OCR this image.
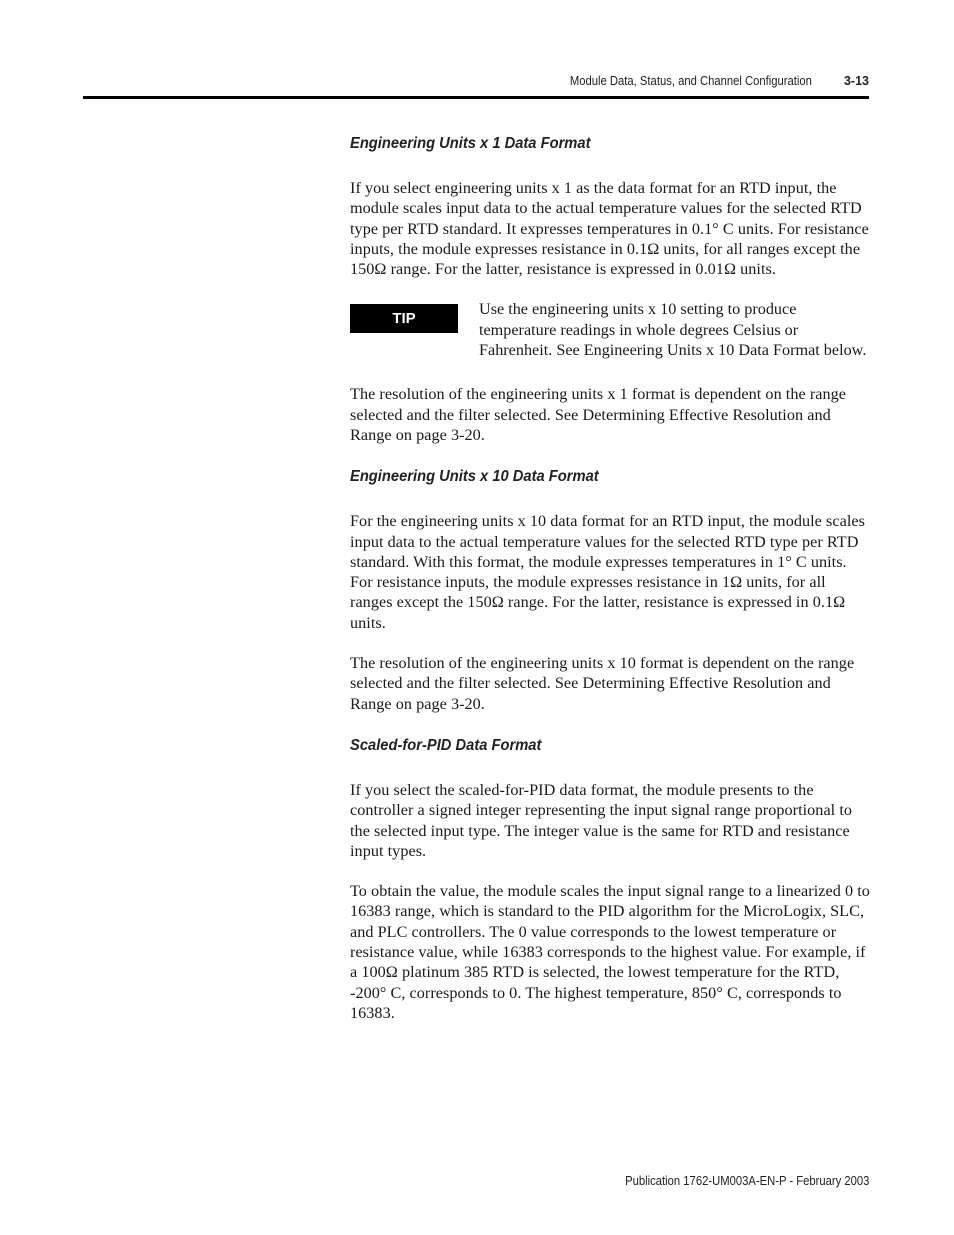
Module Data, Status, and Channel Configuration	3-13
Engineering Units x 1 Data Format

If you select engineering units x 1 as the data format for an RTD input, the module scales input data to the actual temperature values for the selected RTD type per RTD standard. It expresses temperatures in 0.1° C units. For resistance inputs, the module expresses resistance in 0.1Ω units, for all ranges except the 150Ω range. For the latter, resistance is expressed in 0.01Ω units.

TIP
Use the engineering units x 10 setting to produce temperature readings in whole degrees Celsius or Fahrenheit. See Engineering Units x 10 Data Format below.

The resolution of the engineering units x 1 format is dependent on the range selected and the filter selected. See Determining Effective Resolution and Range on page 3-20.

Engineering Units x 10 Data Format

For the engineering units x 10 data format for an RTD input, the module scales input data to the actual temperature values for the selected RTD type per RTD standard. With this format, the module expresses temperatures in 1° C units. For resistance inputs, the module expresses resistance in 1Ω units, for all ranges except the 150Ω range. For the latter, resistance is expressed in 0.1Ω units.

The resolution of the engineering units x 10 format is dependent on the range selected and the filter selected. See Determining Effective Resolution and Range on page 3-20.

Scaled-for-PID Data Format

If you select the scaled-for-PID data format, the module presents to the controller a signed integer representing the input signal range proportional to the selected input type. The integer value is the same for RTD and resistance input types.

To obtain the value, the module scales the input signal range to a linearized 0 to 16383 range, which is standard to the PID algorithm for the MicroLogix, SLC, and PLC controllers. The 0 value corresponds to the lowest temperature or resistance value, while 16383 corresponds to the highest value. For example, if a 100Ω platinum 385 RTD is selected, the lowest temperature for the RTD, -200° C, corresponds to 0. The highest temperature, 850° C, corresponds to 16383.

Publication 1762-UM003A-EN-P - February 2003
